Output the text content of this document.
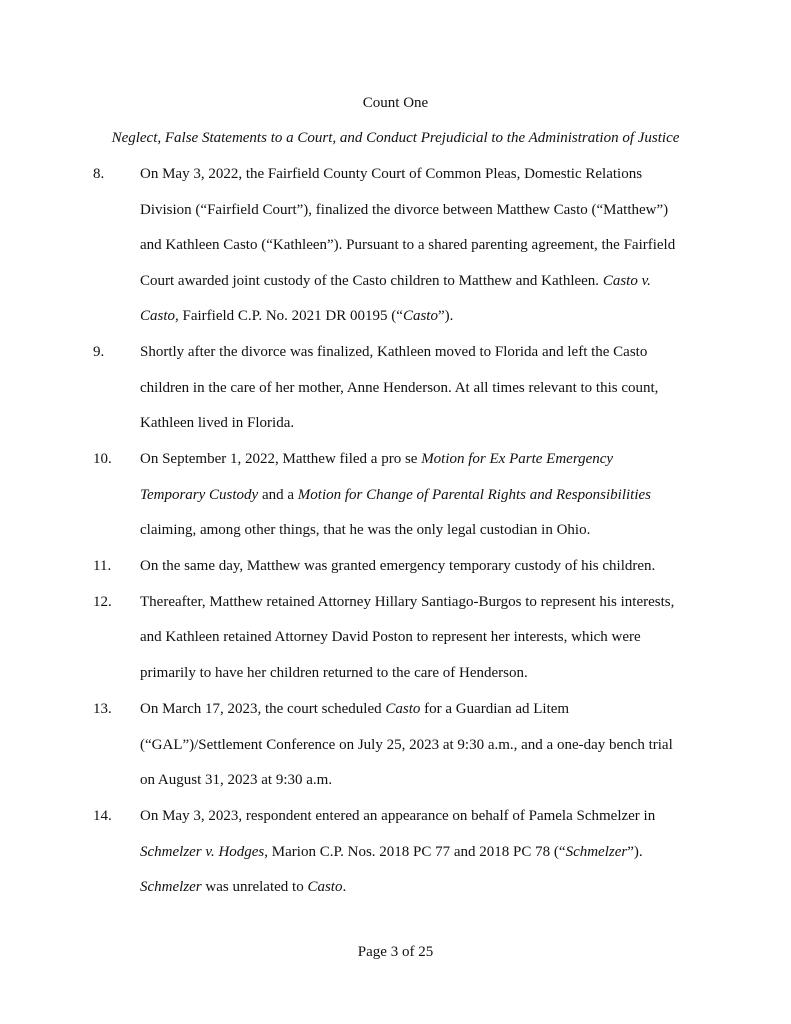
Count One
Neglect, False Statements to a Court, and Conduct Prejudicial to the Administration of Justice
8. On May 3, 2022, the Fairfield County Court of Common Pleas, Domestic Relations
Division (“Fairfield Court”), finalized the divorce between Matthew Casto (“Matthew”)
and Kathleen Casto (“Kathleen”). Pursuant to a shared parenting agreement, the Fairfield
Court awarded joint custody of the Casto children to Matthew and Kathleen. Casto v.
Casto, Fairfield C.P. No. 2021 DR 00195 (“Casto”).
9. Shortly after the divorce was finalized, Kathleen moved to Florida and left the Casto
children in the care of her mother, Anne Henderson. At all times relevant to this count,
Kathleen lived in Florida.
10. On September 1, 2022, Matthew filed a pro se Motion for Ex Parte Emergency
Temporary Custody and a Motion for Change of Parental Rights and Responsibilities
claiming, among other things, that he was the only legal custodian in Ohio.
11. On the same day, Matthew was granted emergency temporary custody of his children.
12. Thereafter, Matthew retained Attorney Hillary Santiago-Burgos to represent his interests,
and Kathleen retained Attorney David Poston to represent her interests, which were
primarily to have her children returned to the care of Henderson.
13. On March 17, 2023, the court scheduled Casto for a Guardian ad Litem
(“GAL”)/Settlement Conference on July 25, 2023 at 9:30 a.m., and a one-day bench trial
on August 31, 2023 at 9:30 a.m.
14. On May 3, 2023, respondent entered an appearance on behalf of Pamela Schmelzer in
Schmelzer v. Hodges, Marion C.P. Nos. 2018 PC 77 and 2018 PC 78 (“Schmelzer”).
Schmelzer was unrelated to Casto.
Page 3 of 25
